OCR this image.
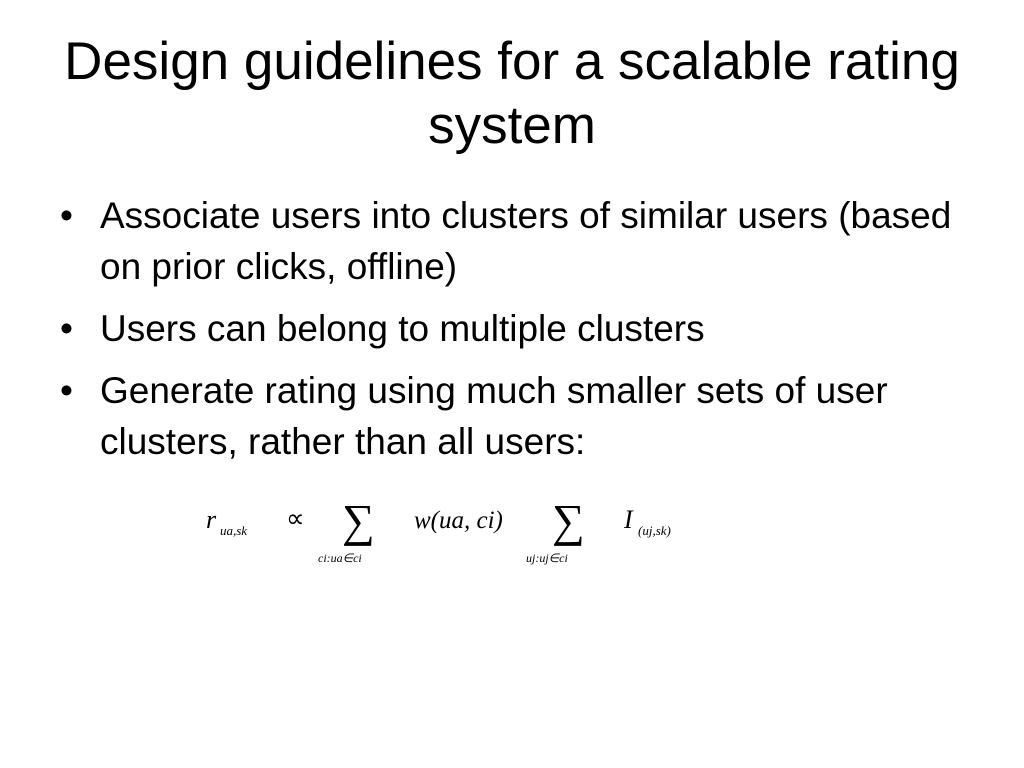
Design guidelines for a scalable rating system
• Associate users into clusters of similar users (based on prior clicks, offline)
• Users can belong to multiple clusters
• Generate rating using much smaller sets of user clusters, rather than all users:
r ua,sk ∝ ∑
ci:ua∈ci
w(ua, ci) ∑
uj:uj∈ci
I (uj,sk)
